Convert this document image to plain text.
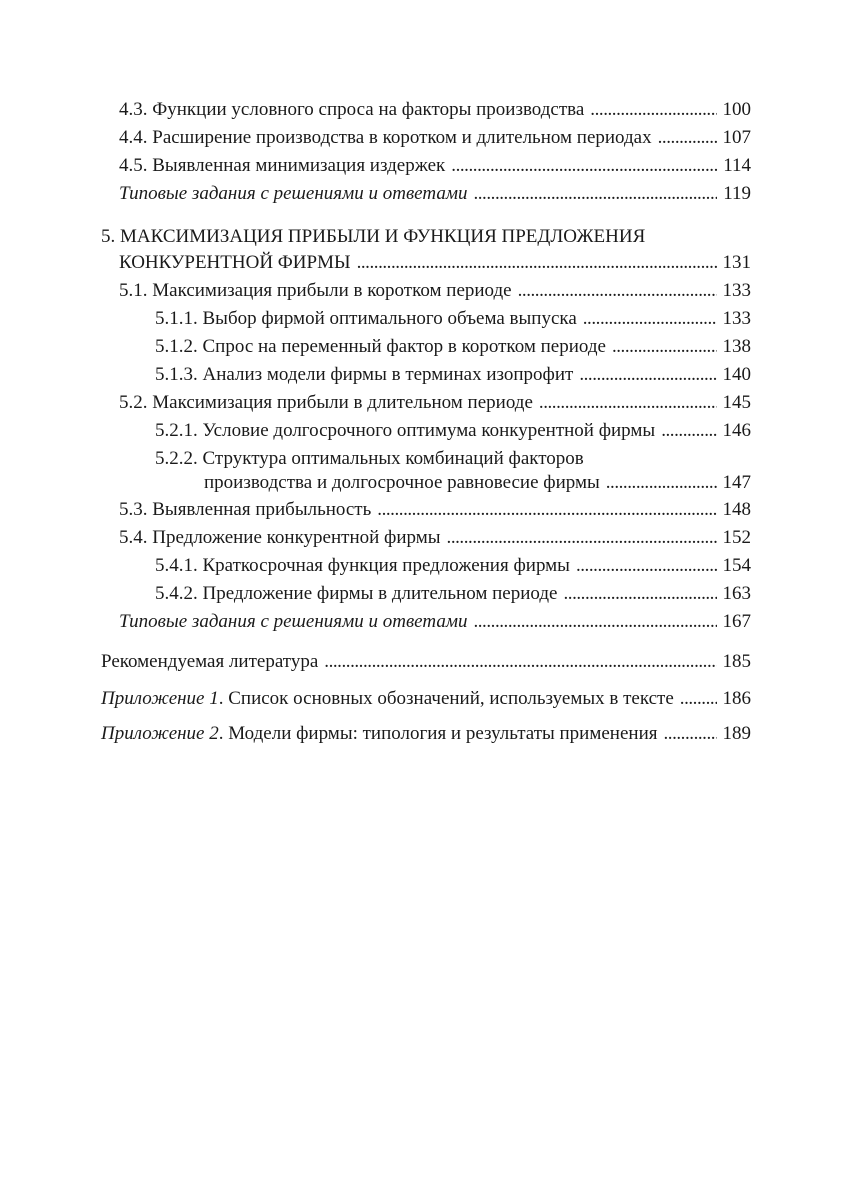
4.3. Функции условного спроса на факторы производства . . .	100
4.4. Расширение производства в коротком и длительном периодах . . .	107
4.5. Выявленная минимизация издержек . . .	114
Типовые задания с решениями и ответами . . .	119
5. МАКСИМИЗАЦИЯ ПРИБЫЛИ И ФУНКЦИЯ ПРЕДЛОЖЕНИЯ
КОНКУРЕНТНОЙ ФИРМЫ . . .	131
5.1. Максимизация прибыли в коротком периоде . . .	133
5.1.1. Выбор фирмой оптимального объема выпуска . . .	133
5.1.2. Спрос на переменный фактор в коротком периоде . . .	138
5.1.3. Анализ модели фирмы в терминах изопрофит . . .	140
5.2. Максимизация прибыли в длительном периоде . . .	145
5.2.1. Условие долгосрочного оптимума конкурентной фирмы . . .	146
5.2.2. Структура оптимальных комбинаций факторов
производства и долгосрочное равновесие фирмы . . .	147
5.3. Выявленная прибыльность . . .	148
5.4. Предложение конкурентной фирмы . . .	152
5.4.1. Краткосрочная функция предложения фирмы . . .	154
5.4.2. Предложение фирмы в длительном периоде . . .	163
Типовые задания с решениями и ответами . . .	167
Рекомендуемая литература . . .	185
Приложение 1. Список основных обозначений, используемых в тексте . . .	186
Приложение 2. Модели фирмы: типология и результаты применения . . .	189
